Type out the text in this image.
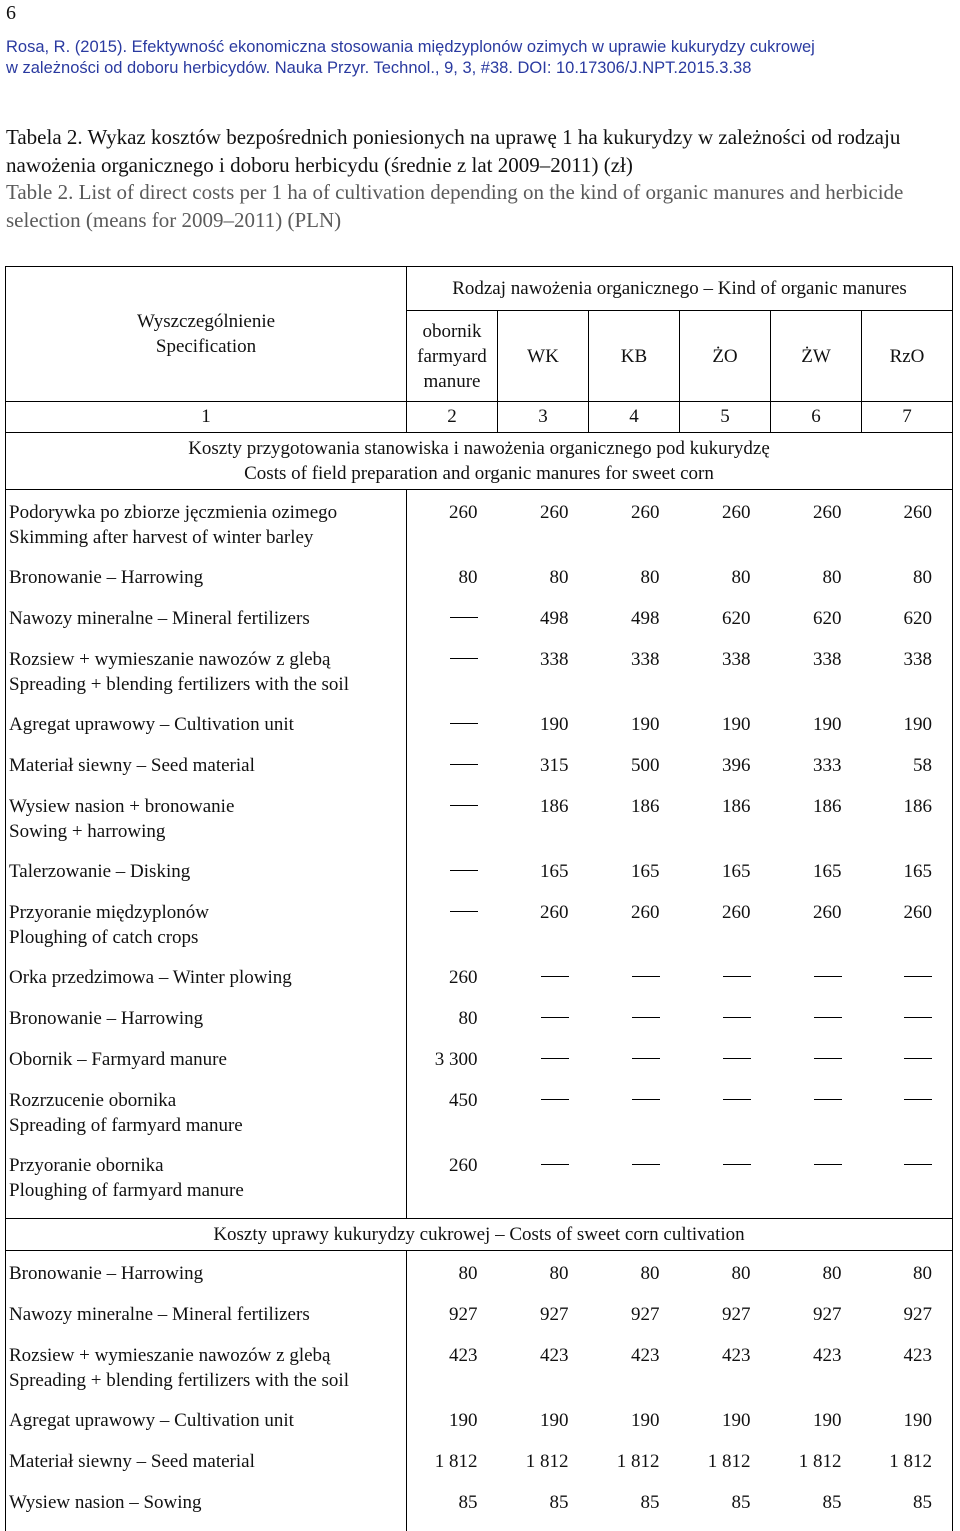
6
Rosa, R. (2015). Efektywność ekonomiczna stosowania międzyplonów ozimych w uprawie kukurydzy cukrowej
w zależności od doboru herbicydów. Nauka Przyr. Technol., 9, 3, #38. DOI: 10.17306/J.NPT.2015.3.38
Tabela 2. Wykaz kosztów bezpośrednich poniesionych na uprawę 1 ha kukurydzy w zależności od rodzaju nawożenia organicznego i doboru herbicydu (średnie z lat 2009–2011) (zł)
Table 2. List of direct costs per 1 ha of cultivation depending on the kind of organic manures and herbicide selection (means for 2009–2011) (PLN)
Wyszczególnienie
Specification	Rodzaj nawożenia organicznego – Kind of organic manures					

	obornik
farmyard
manure	WK	KB	ŻO	ŻW	RzO
1	2	3	4	5	6	7

Koszty przygotowania stanowiska i nawożenia organicznego pod kukurydzę
Costs of field preparation and organic manures for sweet corn						

Podorywka po zbiorze jęczmienia ozimego
Skimming after harvest of winter barley	260	260	260	260	260	260

Bronowanie – Harrowing	80	80	80	80	80	80

Nawozy mineralne – Mineral fertilizers		498	498	620	620	620

Rozsiew + wymieszanie nawozów z glebą
Spreading + blending fertilizers with the soil		338	338	338	338	338

Agregat uprawowy – Cultivation unit		190	190	190	190	190

Materiał siewny – Seed material		315	500	396	333	58

Wysiew nasion + bronowanie
Sowing + harrowing		186	186	186	186	186

Talerzowanie – Disking		165	165	165	165	165

Przyoranie międzyplonów
Ploughing of catch crops		260	260	260	260	260

Orka przedzimowa – Winter plowing	260					

Bronowanie – Harrowing	80					

Obornik – Farmyard manure	3 300					

Rozrzucenie obornika
Spreading of farmyard manure	450					

Przyoranie obornika
Ploughing of farmyard manure	260					
Koszty uprawy kukurydzy cukrowej – Costs of sweet corn cultivation						

Bronowanie – Harrowing	80	80	80	80	80	80

Nawozy mineralne – Mineral fertilizers	927	927	927	927	927	927

Rozsiew + wymieszanie nawozów z glebą
Spreading + blending fertilizers with the soil	423	423	423	423	423	423

Agregat uprawowy – Cultivation unit	190	190	190	190	190	190

Materiał siewny – Seed material	1 812	1 812	1 812	1 812	1 812	1 812

Wysiew nasion – Sowing	85	85	85	85	85	85
